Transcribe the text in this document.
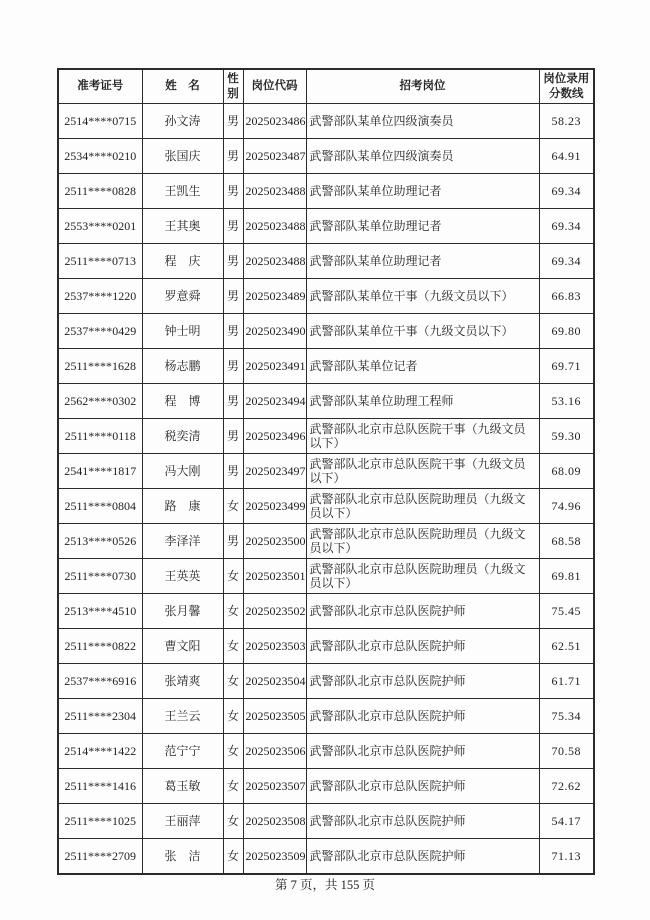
准考证号	姓　名	性别	岗位代码	招考岗位	岗位录用分数线
2514****0715	孙文涛	男	2025023486	武警部队某单位四级演奏员	58.23
2534****0210	张国庆	男	2025023487	武警部队某单位四级演奏员	64.91
2511****0828	王凯生	男	2025023488	武警部队某单位助理记者	69.34
2553****0201	王其奥	男	2025023488	武警部队某单位助理记者	69.34
2511****0713	程　庆	男	2025023488	武警部队某单位助理记者	69.34
2537****1220	罗意舜	男	2025023489	武警部队某单位干事（九级文员以下）	66.83
2537****0429	钟士明	男	2025023490	武警部队某单位干事（九级文员以下）	69.80
2511****1628	杨志鹏	男	2025023491	武警部队某单位记者	69.71
2562****0302	程　博	男	2025023494	武警部队某单位助理工程师	53.16
2511****0118	税奕清	男	2025023496	武警部队北京市总队医院干事（九级文员以下）	59.30
2541****1817	冯大刚	男	2025023497	武警部队北京市总队医院干事（九级文员以下）	68.09
2511****0804	路　康	女	2025023499	武警部队北京市总队医院助理员（九级文员以下）	74.96
2513****0526	李泽洋	男	2025023500	武警部队北京市总队医院助理员（九级文员以下）	68.58
2511****0730	王英英	女	2025023501	武警部队北京市总队医院助理员（九级文员以下）	69.81
2513****4510	张月馨	女	2025023502	武警部队北京市总队医院护师	75.45
2511****0822	曹文阳	女	2025023503	武警部队北京市总队医院护师	62.51
2537****6916	张靖爽	女	2025023504	武警部队北京市总队医院护师	61.71
2511****2304	王兰云	女	2025023505	武警部队北京市总队医院护师	75.34
2514****1422	范宁宁	女	2025023506	武警部队北京市总队医院护师	70.58
2511****1416	葛玉敏	女	2025023507	武警部队北京市总队医院护师	72.62
2511****1025	王丽萍	女	2025023508	武警部队北京市总队医院护师	54.17
2511****2709	张　洁	女	2025023509	武警部队北京市总队医院护师	71.13
第 7 页，共 155 页
